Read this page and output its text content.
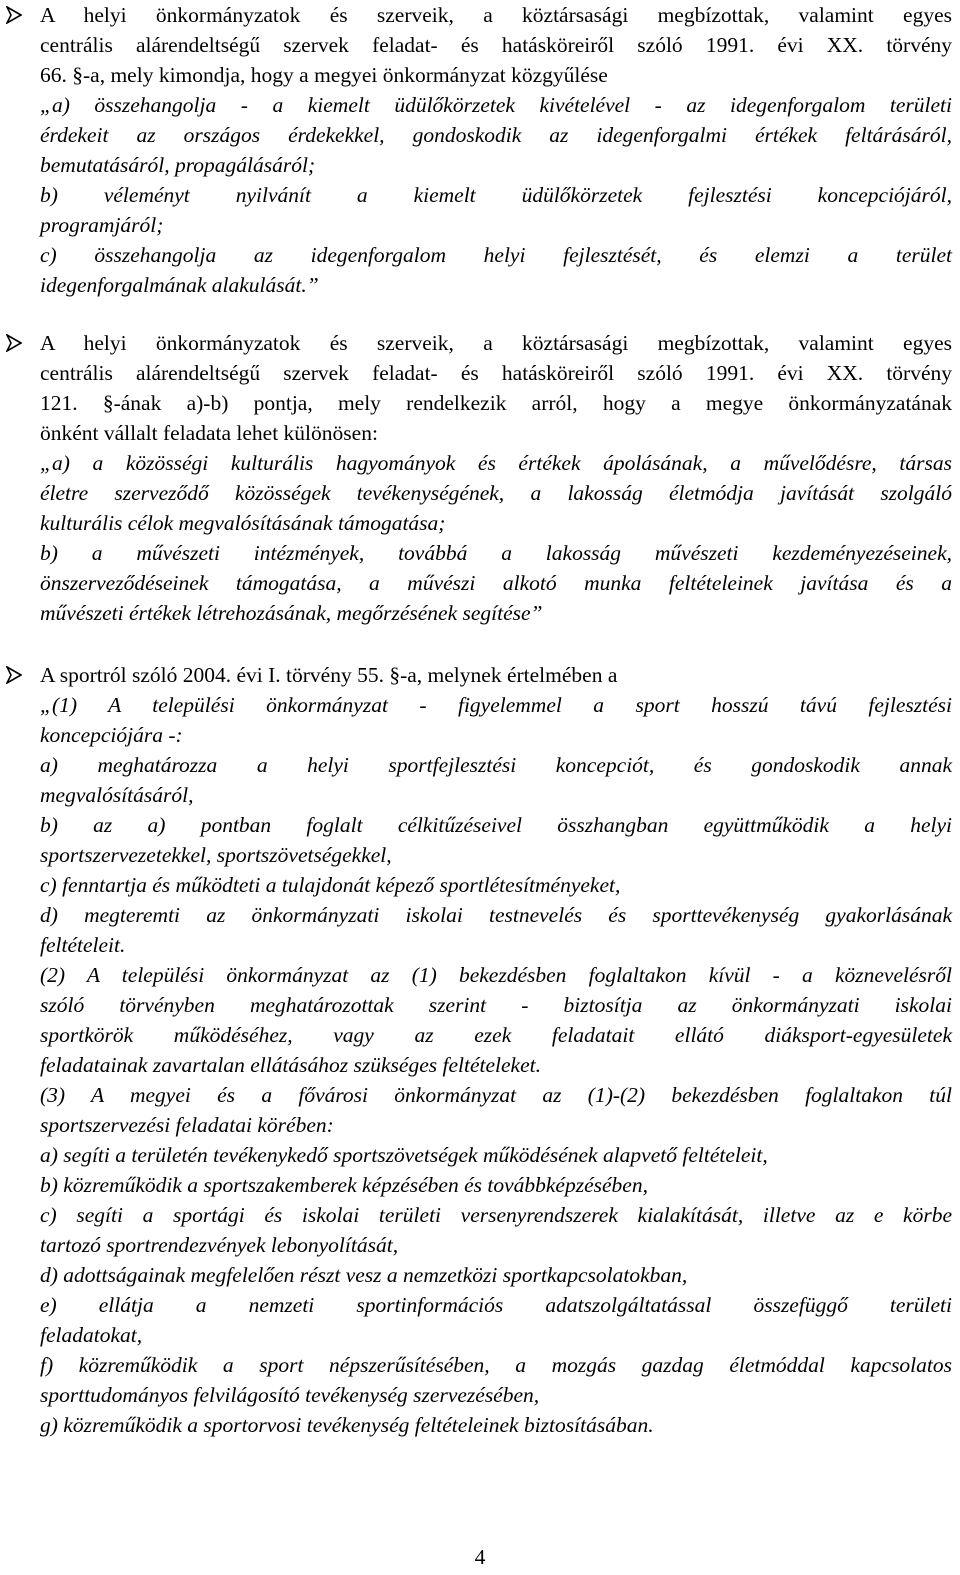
A helyi önkormányzatok és szerveik, a köztársasági megbízottak, valamint egyes
centrális alárendeltségű szervek feladat- és hatásköreiről szóló 1991. évi XX. törvény
66. §-a, mely kimondja, hogy a megyei önkormányzat közgyűlése
„a) összehangolja - a kiemelt üdülőkörzetek kivételével - az idegenforgalom területi
érdekeit az országos érdekekkel, gondoskodik az idegenforgalmi értékek feltárásáról,
bemutatásáról, propagálásáról;
b) véleményt nyilvánít a kiemelt üdülőkörzetek fejlesztési koncepciójáról,
programjáról;
c) összehangolja az idegenforgalom helyi fejlesztését, és elemzi a terület
idegenforgalmának alakulását.”
A helyi önkormányzatok és szerveik, a köztársasági megbízottak, valamint egyes
centrális alárendeltségű szervek feladat- és hatásköreiről szóló 1991. évi XX. törvény
121. §-ának a)-b) pontja, mely rendelkezik arról, hogy a megye önkormányzatának
önként vállalt feladata lehet különösen:
„a) a közösségi kulturális hagyományok és értékek ápolásának, a művelődésre, társas
életre szerveződő közösségek tevékenységének, a lakosság életmódja javítását szolgáló
kulturális célok megvalósításának támogatása;
b) a művészeti intézmények, továbbá a lakosság művészeti kezdeményezéseinek,
önszerveződéseinek támogatása, a művészi alkotó munka feltételeinek javítása és a
művészeti értékek létrehozásának, megőrzésének segítése”
A sportról szóló 2004. évi I. törvény 55. §-a, melynek értelmében a
„(1) A települési önkormányzat - figyelemmel a sport hosszú távú fejlesztési
koncepciójára -:
a) meghatározza a helyi sportfejlesztési koncepciót, és gondoskodik annak
megvalósításáról,
b) az a) pontban foglalt célkitűzéseivel összhangban együttműködik a helyi
sportszervezetekkel, sportszövetségekkel,
c) fenntartja és működteti a tulajdonát képező sportlétesítményeket,
d) megteremti az önkormányzati iskolai testnevelés és sporttevékenység gyakorlásának
feltételeit.
(2) A települési önkormányzat az (1) bekezdésben foglaltakon kívül - a köznevelésről
szóló törvényben meghatározottak szerint - biztosítja az önkormányzati iskolai
sportkörök működéséhez, vagy az ezek feladatait ellátó diáksport-egyesületek
feladatainak zavartalan ellátásához szükséges feltételeket.
(3) A megyei és a fővárosi önkormányzat az (1)-(2) bekezdésben foglaltakon túl
sportszervezési feladatai körében:
a) segíti a területén tevékenykedő sportszövetségek működésének alapvető feltételeit,
b) közreműködik a sportszakemberek képzésében és továbbképzésében,
c) segíti a sportági és iskolai területi versenyrendszerek kialakítását, illetve az e körbe
tartozó sportrendezvények lebonyolítását,
d) adottságainak megfelelően részt vesz a nemzetközi sportkapcsolatokban,
e) ellátja a nemzeti sportinformációs adatszolgáltatással összefüggő területi
feladatokat,
f) közreműködik a sport népszerűsítésében, a mozgás gazdag életmóddal kapcsolatos
sporttudományos felvilágosító tevékenység szervezésében,
g) közreműködik a sportorvosi tevékenység feltételeinek biztosításában.
4
